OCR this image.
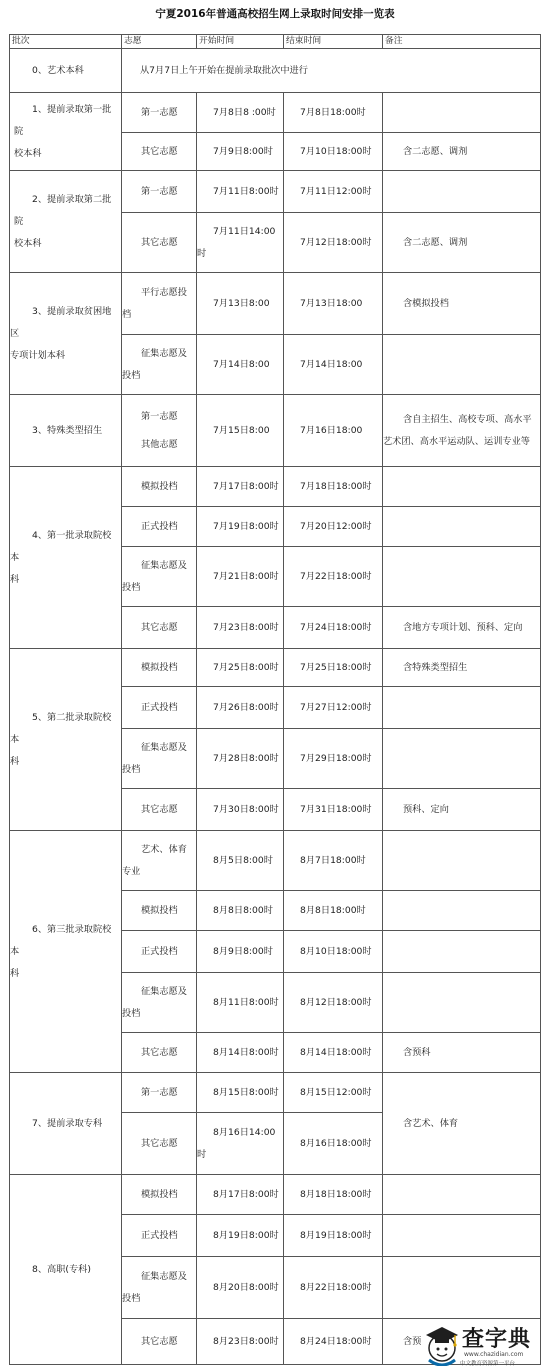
宁夏2016年普通高校招生网上录取时间安排一览表
批次	志愿	开始时间	结束时间	备注
0、艺术本科	从7月7日上午开始在提前录取批次中进行			
1、提前录取第一批院
校本科	第一志愿	7月8日8 :00时	7月8日18:00时	
	其它志愿	7月9日8:00时	7月10日18:00时	含二志愿、调剂
2、提前录取第二批院
校本科	第一志愿	7月11日8:00时	7月11日12:00时	
	其它志愿	7月11日14:00
时	7月12日18:00时	含二志愿、调剂
3、提前录取贫困地区
专项计划本科	平行志愿投
档	7月13日8:00	7月13日18:00	含模拟投档
	征集志愿及
投档	7月14日8:00	7月14日18:00	
3、特殊类型招生	第一志愿
其他志愿	7月15日8:00	7月16日18:00	含自主招生、高校专项、高水平
艺术团、高水平运动队、运训专业等
4、第一批录取院校本
科	模拟投档	7月17日8:00时	7月18日18:00时	
	正式投档	7月19日8:00时	7月20日12:00时	
	征集志愿及
投档	7月21日8:00时	7月22日18:00时	
	其它志愿	7月23日8:00时	7月24日18:00时	含地方专项计划、预科、定向
5、第二批录取院校本
科	模拟投档	7月25日8:00时	7月25日18:00时	含特殊类型招生
	正式投档	7月26日8:00时	7月27日12:00时	
	征集志愿及
投档	7月28日8:00时	7月29日18:00时	
	其它志愿	7月30日8:00时	7月31日18:00时	预科、定向
6、第三批录取院校本
科	艺术、体育
专业	8月5日8:00时	8月7日18:00时	
	模拟投档	8月8日8:00时	8月8日18:00时	
	正式投档	8月9日8:00时	8月10日18:00时	
	征集志愿及
投档	8月11日8:00时	8月12日18:00时	
	其它志愿	8月14日8:00时	8月14日18:00时	含预科
7、提前录取专科	第一志愿	8月15日8:00时	8月15日12:00时	含艺术、体育
	其它志愿	8月16日14:00
时	8月16日18:00时	
8、高职(专科)	模拟投档	8月17日8:00时	8月18日18:00时	
	正式投档	8月19日8:00时	8月19日18:00时	
	征集志愿及
投档	8月20日8:00时	8月22日18:00时	
	其它志愿	8月23日8:00时	8月24日18:00时	含预 查字典
www.chazidian.com
中文教育资源第一平台
